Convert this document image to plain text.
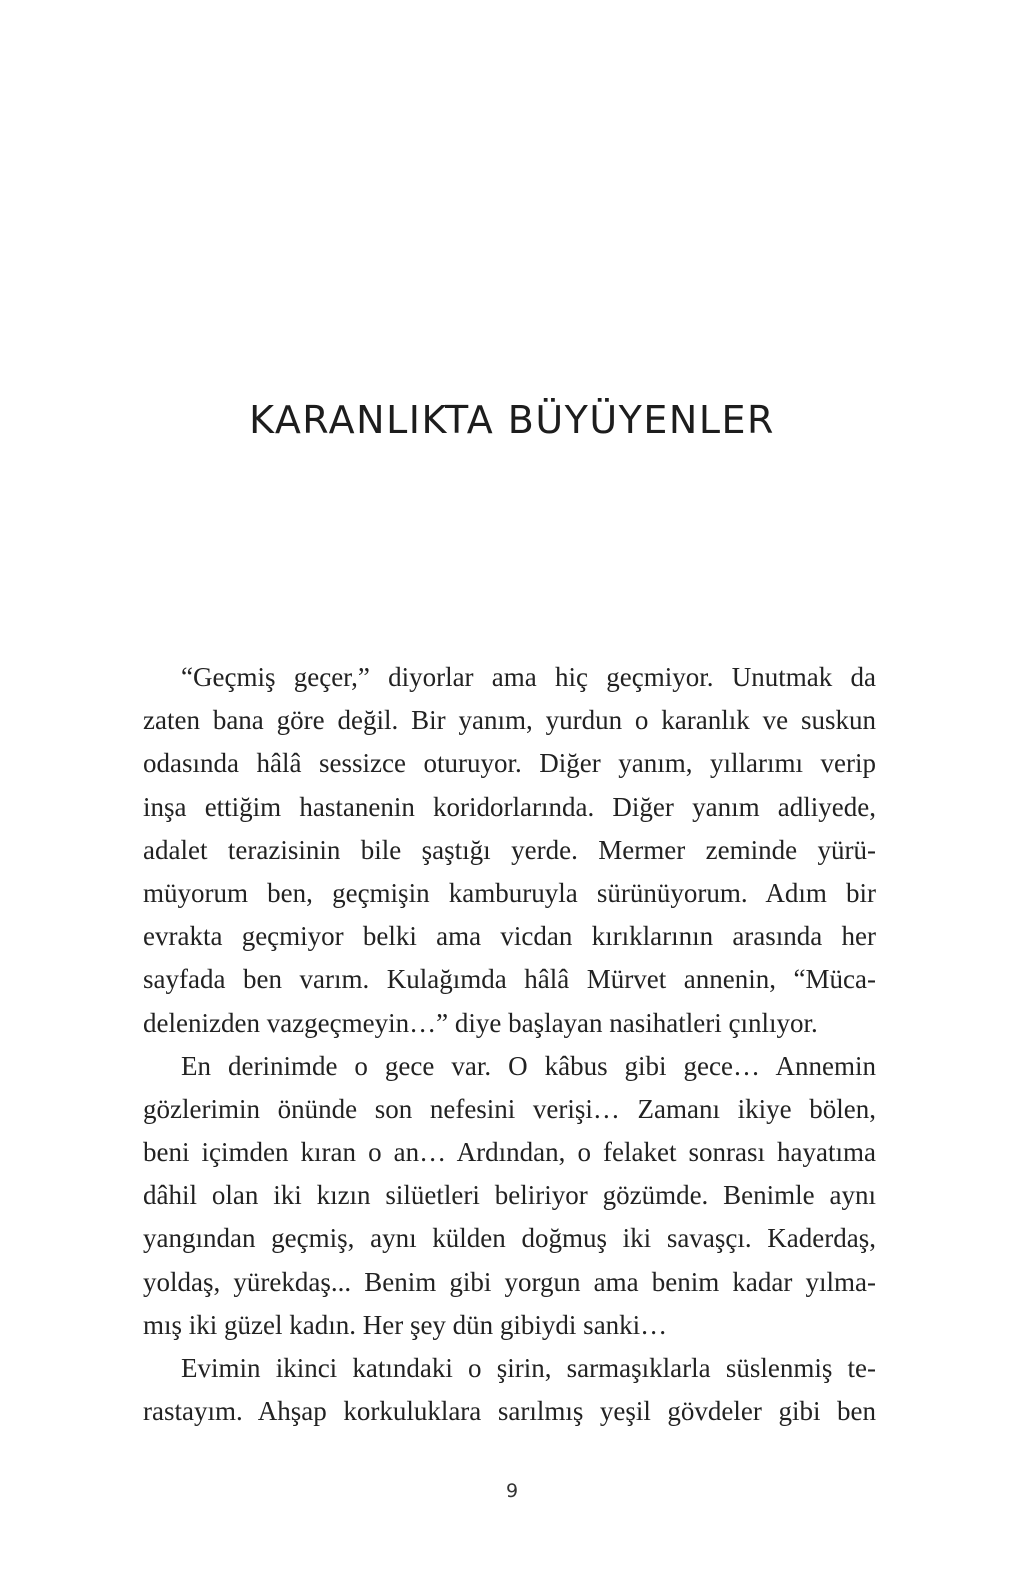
KARANLIKTA BÜYÜYENLER
“Geçmiş geçer,” diyorlar ama hiç geçmiyor. Unutmak da
zaten bana göre değil. Bir yanım, yurdun o karanlık ve suskun
odasında hâlâ sessizce oturuyor. Diğer yanım, yıllarımı verip
inşa ettiğim hastanenin koridorlarında. Diğer yanım adliyede,
adalet terazisinin bile şaştığı yerde. Mermer zeminde yürü-
müyorum ben, geçmişin kamburuyla sürünüyorum. Adım bir
evrakta geçmiyor belki ama vicdan kırıklarının arasında her
sayfada ben varım. Kulağımda hâlâ Mürvet annenin, “Müca-
delenizden vazgeçmeyin…” diye başlayan nasihatleri çınlıyor.
En derinimde o gece var. O kâbus gibi gece… Annemin
gözlerimin önünde son nefesini verişi… Zamanı ikiye bölen,
beni içimden kıran o an… Ardından, o felaket sonrası hayatıma
dâhil olan iki kızın silüetleri beliriyor gözümde. Benimle aynı
yangından geçmiş, aynı külden doğmuş iki savaşçı. Kaderdaş,
yoldaş, yürekdaş... Benim gibi yorgun ama benim kadar yılma-
mış iki güzel kadın. Her şey dün gibiydi sanki…
Evimin ikinci katındaki o şirin, sarmaşıklarla süslenmiş te-
rastayım. Ahşap korkuluklara sarılmış yeşil gövdeler gibi ben
9
